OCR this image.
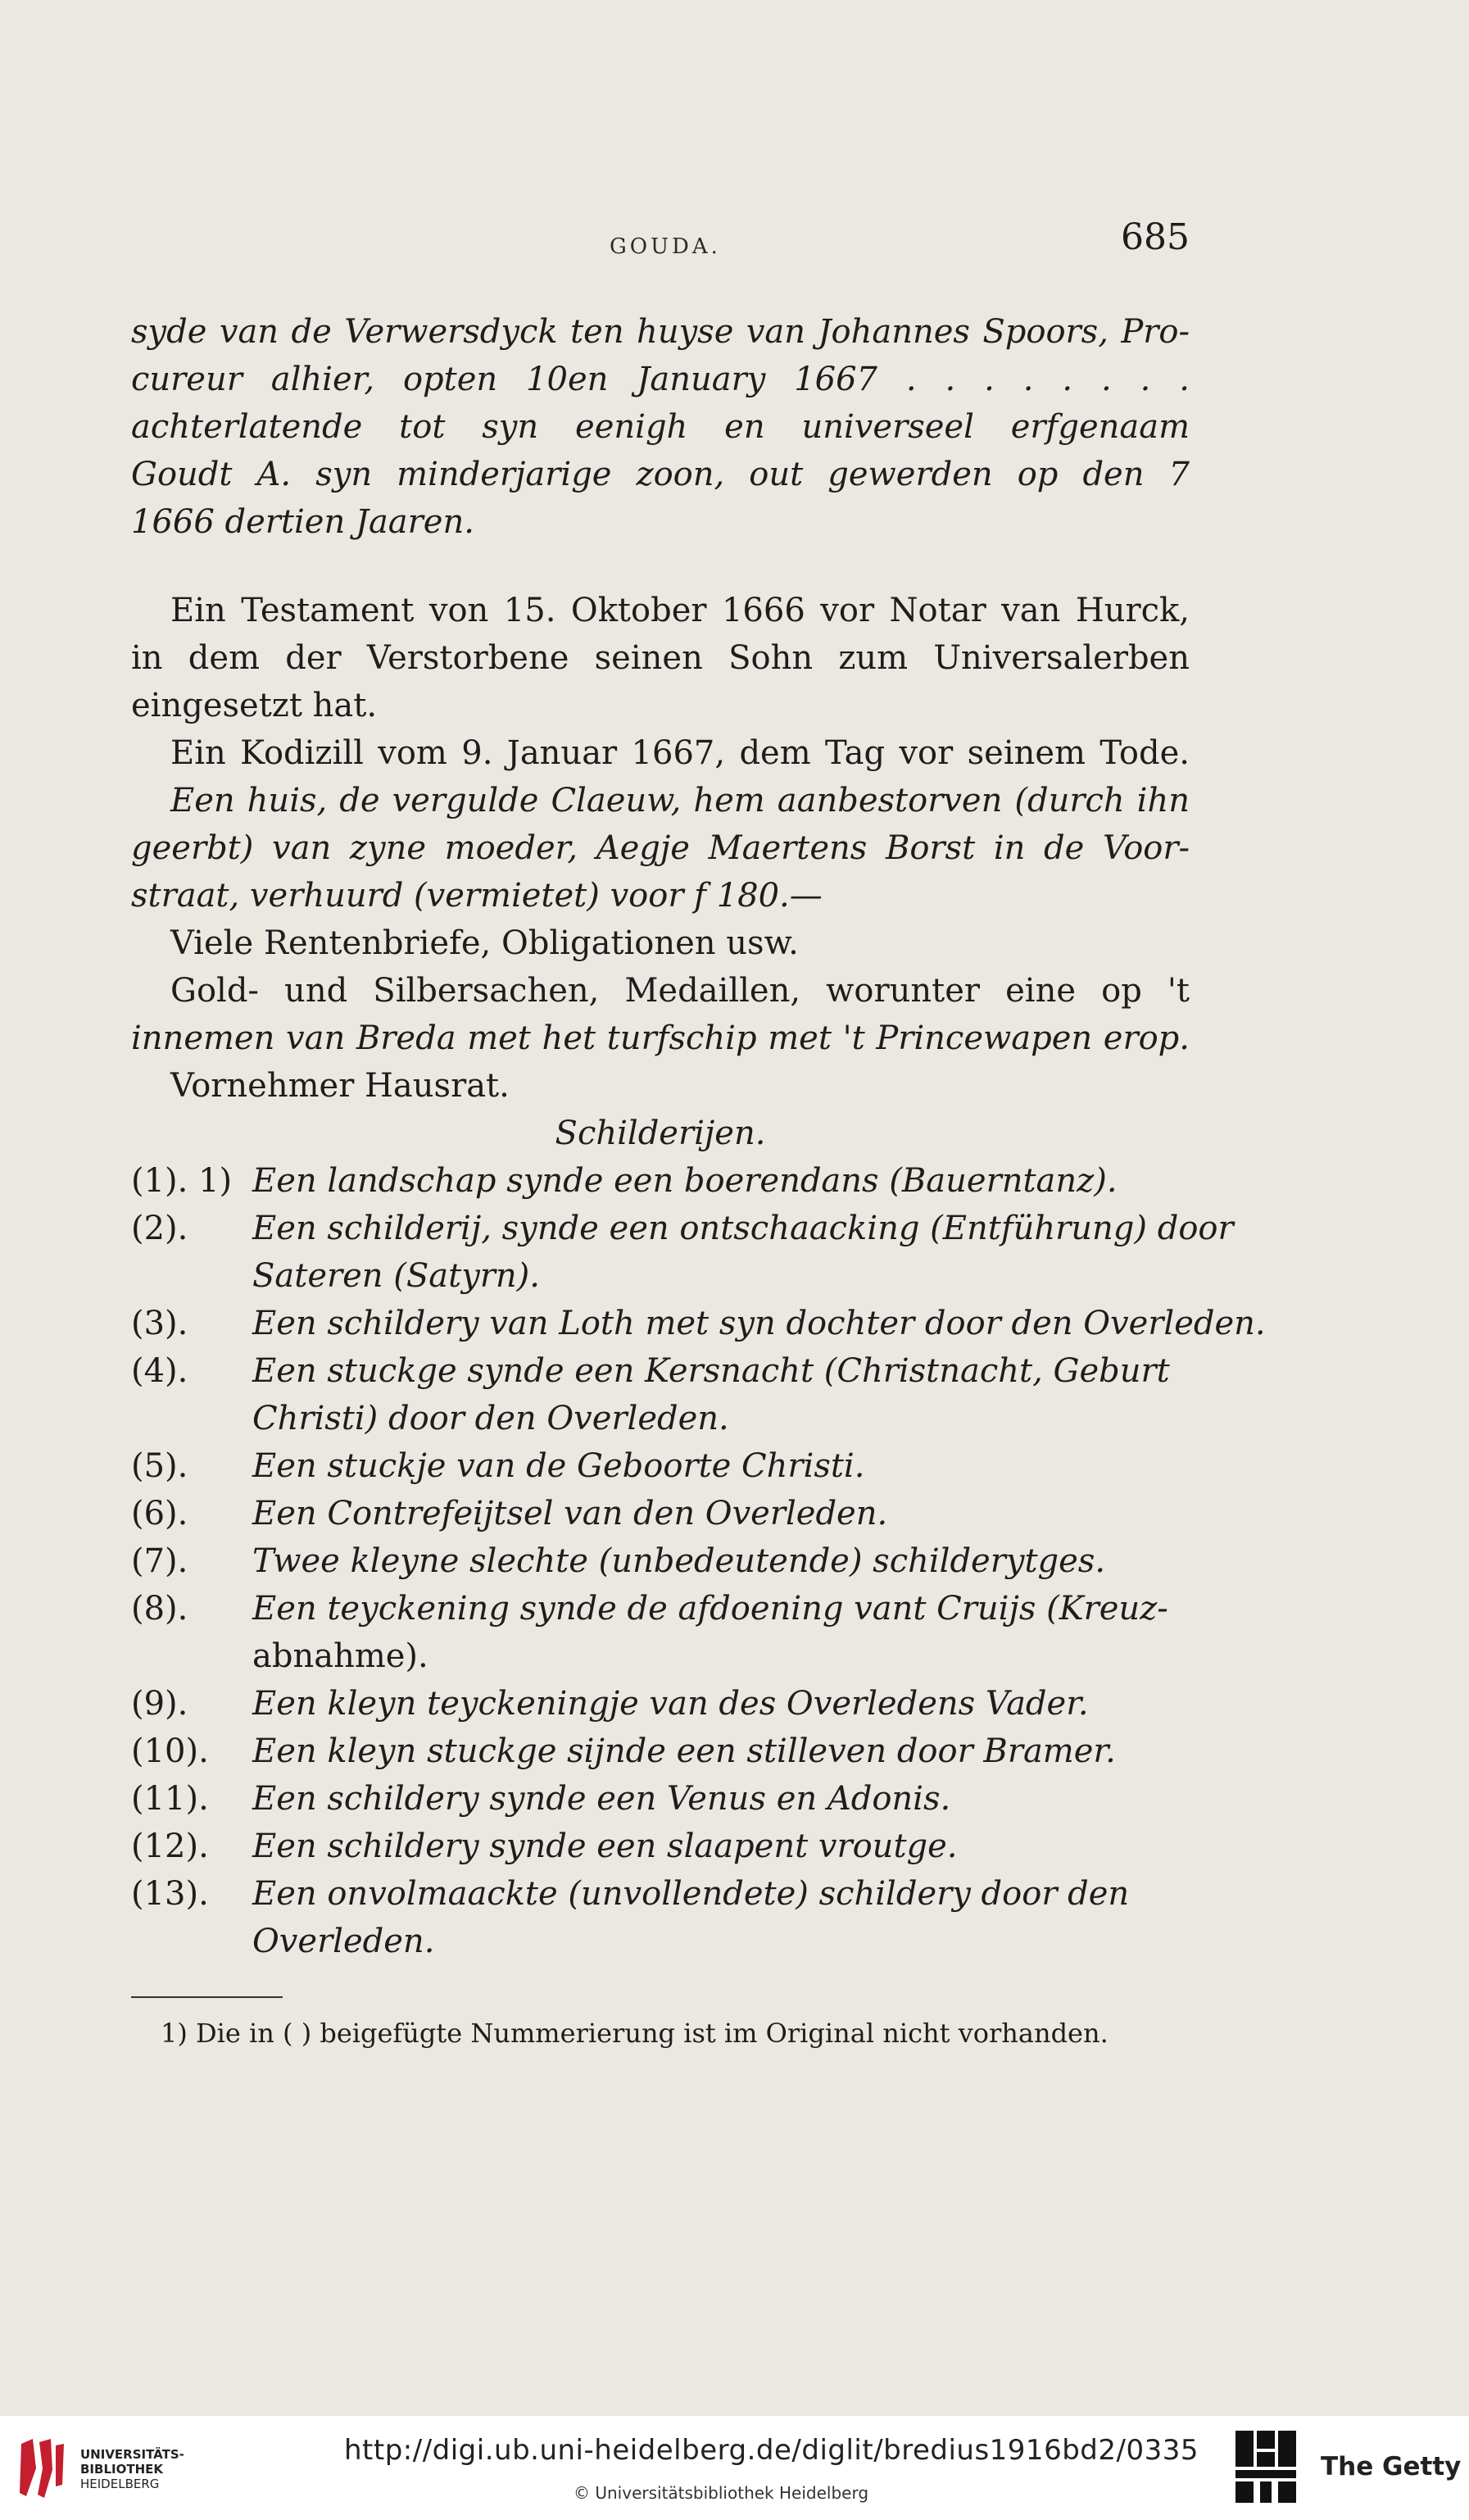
GOUDA.	685
syde van de Verwersdyck ten huyse van Johannes Spoors, Pro-
cureur alhier, opten 10en January 1667 . . . . . . . .
achterlatende tot syn eenigh en universeel erfgenaam
Goudt A. syn minderjarige zoon, out gewerden op den 7
1666 dertien Jaaren.
Ein Testament von 15. Oktober 1666 vor Notar van Hurck,
in dem der Verstorbene seinen Sohn zum Universalerben
eingesetzt hat.
Ein Kodizill vom 9. Januar 1667, dem Tag vor seinem Tode.
Een huis, de vergulde Claeuw, hem aanbestorven (durch ihn
geerbt) van zyne moeder, Aegje Maertens Borst in de Voor-
straat, verhuurd (vermietet) voor f 180.—
Viele Rentenbriefe, Obligationen usw.
Gold- und Silbersachen, Medaillen, worunter eine op 't
innemen van Breda met het turfschip met 't Princewapen erop.
Vornehmer Hausrat.
Schilderijen.
(1). 1) Een landschap synde een boerendans (Bauerntanz).
(2).	Een schilderij, synde een ontschaacking (Entführung) door
Sateren (Satyrn).
(3).	Een schildery van Loth met syn dochter door den Overleden.
(4).	Een stuckge synde een Kersnacht (Christnacht, Geburt
Christi) door den Overleden.
(5).	Een stuckje van de Geboorte Christi.
(6).	Een Contrefeijtsel van den Overleden.
(7).	Twee kleyne slechte (unbedeutende) schilderytges.
(8).	Een teyckening synde de afdoening vant Cruijs (Kreuz-
abnahme).
(9).	Een kleyn teyckeningje van des Overledens Vader.
(10).	Een kleyn stuckge sijnde een stilleven door Bramer.
(11).	Een schildery synde een Venus en Adonis.
(12).	Een schildery synde een slaapent vroutge.
(13).	Een onvolmaackte (unvollendete) schildery door den
Overleden.
1) Die in ( ) beigefügte Nummerierung ist im Original nicht vorhanden.
UNIVERSITÄTS-
BIBLIOTHEK
HEIDELBERG
http://digi.ub.uni-heidelberg.de/diglit/bredius1916bd2/0335
© Universitätsbibliothek Heidelberg
The Getty
